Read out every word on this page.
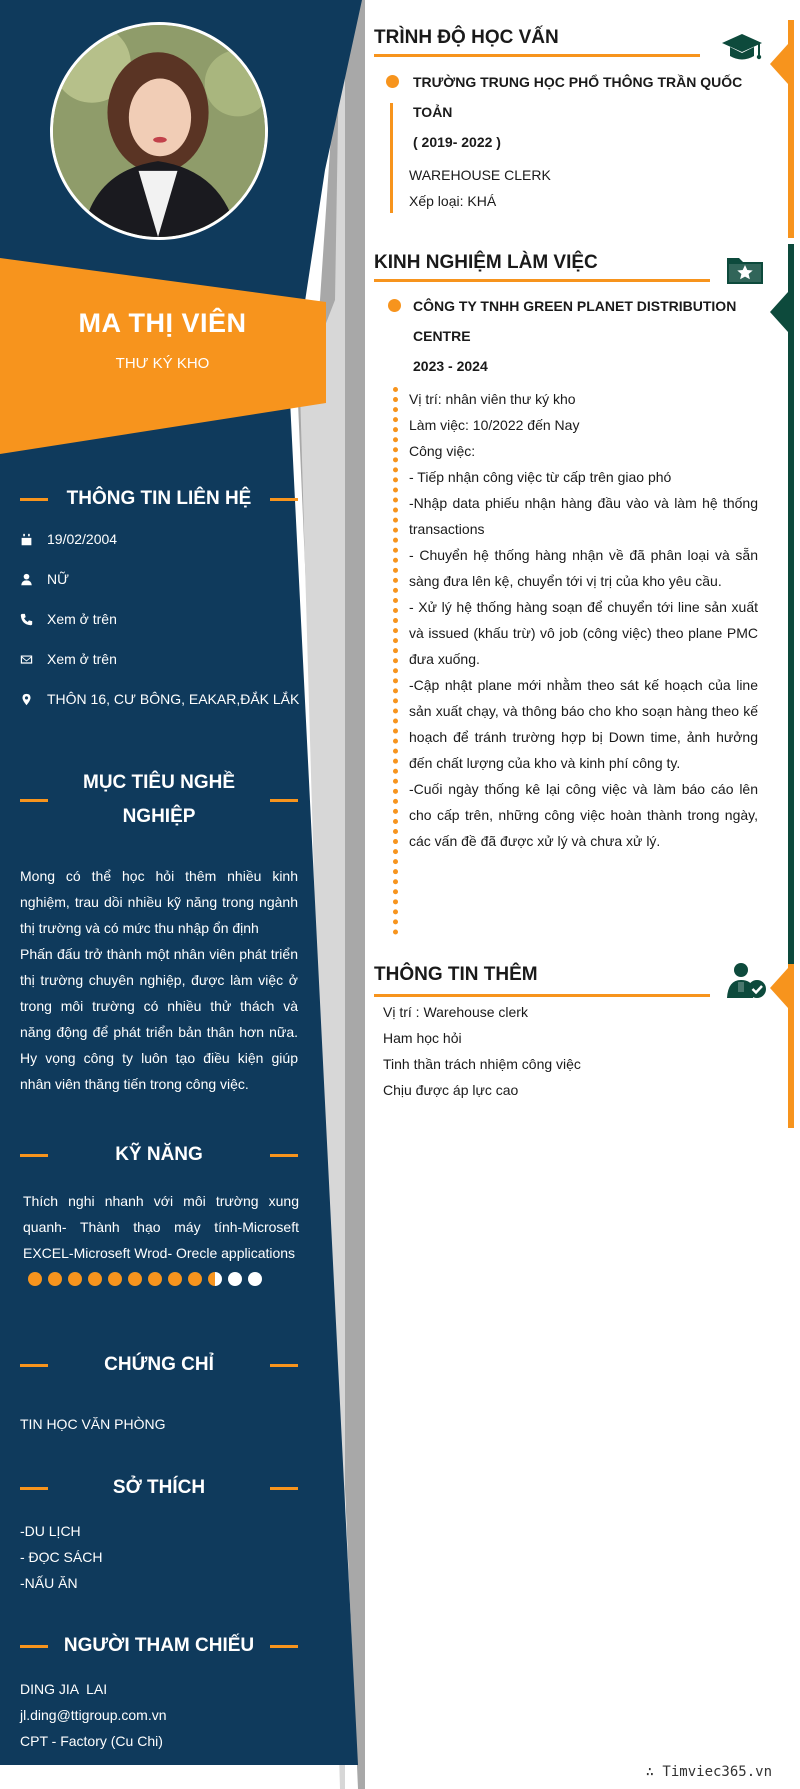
MA THỊ VIÊN
THƯ KÝ KHO
THÔNG TIN LIÊN HỆ
19/02/2004
NỮ
Xem ở trên
Xem ở trên
THÔN 16, CƯ BÔNG, EAKAR,ĐẮK LẮK
MỤC TIÊU NGHỀ
NGHIỆP

Mong có thể học hỏi thêm nhiều kinh nghiệm, trau dồi nhiều kỹ năng trong ngành thị trường và có mức thu nhập ổn định

Phấn đấu trở thành một nhân viên phát triển thị trường chuyên nghiệp, được làm việc ở trong môi trường có nhiều thử thách và năng động để phát triển bản thân hơn nữa. Hy vọng công ty luôn tạo điều kiện giúp nhân viên thăng tiến trong công việc.

KỸ NĂNG
Thích nghi nhanh với môi trường xung quanh- Thành thạo máy tính-Microseft EXCEL-Microseft Wrod- Orecle applications
CHỨNG CHỈ
TIN HỌC VĂN PHÒNG
SỞ THÍCH

-DU LỊCH

- ĐỌC SÁCH

-NẤU ĂN

NGƯỜI THAM CHIẾU

DING JIA  LAI

jl.ding@ttigroup.com.vn

CPT - Factory (Cu Chi)

TRÌNH ĐỘ HỌC VẤN
TRƯỜNG TRUNG HỌC PHỔ THÔNG TRẦN QUỐC TOẢN
( 2019- 2022 )

WAREHOUSE CLERK

Xếp loại: KHÁ

KINH NGHIỆM LÀM VIỆC
CÔNG TY TNHH GREEN PLANET DISTRIBUTION CENTRE
2023 - 2024

Vị trí: nhân viên thư ký kho

Làm việc: 10/2022 đến Nay

Công việc:

- Tiếp nhận công việc từ cấp trên giao phó

-Nhập data phiếu nhận hàng đầu vào và làm hệ thống transactions

- Chuyển hệ thống hàng nhận về đã phân loại và sẵn sàng đưa lên kệ, chuyển tới vị trị của kho yêu cầu.

- Xử lý hệ thống hàng soạn để chuyển tới line sản xuất và issued (khấu trừ) vô job (công việc) theo plane PMC đưa xuống.

-Cập nhật plane mới nhằm theo sát kế hoạch của line sản xuất chạy, và thông báo cho kho soạn hàng theo kế hoạch để tránh trường hợp bị Down time, ảnh hưởng đến chất lượng của kho và kinh phí công ty.

-Cuối ngày thống kê lại công việc và làm báo cáo lên cho cấp trên, những công việc hoàn thành trong ngày, các vấn đề đã được xử lý và chưa xử lý.

THÔNG TIN THÊM

Vị trí : Warehouse clerk

Ham học hỏi

Tinh thần trách nhiệm công việc

Chịu được áp lực cao

∴ Timviec365.vn
